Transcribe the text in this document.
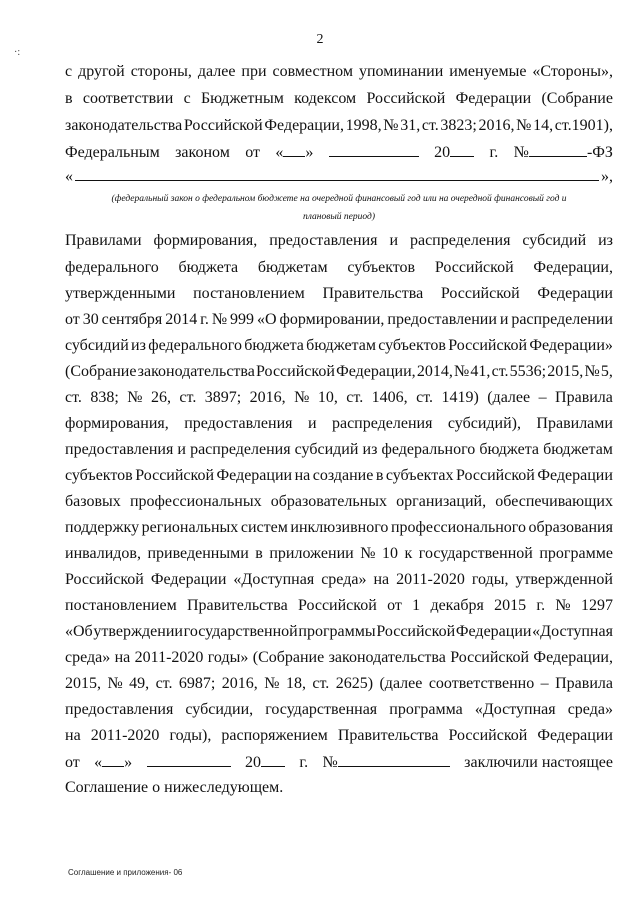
·:
2
с другой стороны, далее при совместном упоминании именуемые «Стороны»,
в соответствии с Бюджетным кодексом Российской Федерации (Собрание
законодательства Российской Федерации, 1998, № 31, ст. 3823; 2016, № 14, ст.1901),
Федеральным законом от « »	20	г. №	-ФЗ
«	»,
(федеральный закон о федеральном бюджете на очередной финансовый год или на очередной финансовый год и
плановый период)
Правилами формирования, предоставления и распределения субсидий из
федерального бюджета бюджетам субъектов Российской Федерации,
утвержденными постановлением Правительства Российской Федерации
от 30 сентября 2014 г. № 999 «О формировании, предоставлении и распределении
субсидий из федерального бюджета бюджетам субъектов Российской Федерации»
(Собрание законодательства Российской Федерации, 2014, № 41, ст. 5536; 2015, № 5,
ст. 838; № 26, ст. 3897; 2016, № 10, ст. 1406, ст. 1419) (далее – Правила
формирования, предоставления и распределения субсидий), Правилами
предоставления и распределения субсидий из федерального бюджета бюджетам
субъектов Российской Федерации на создание в субъектах Российской Федерации
базовых профессиональных образовательных организаций, обеспечивающих
поддержку региональных систем инклюзивного профессионального образования
инвалидов, приведенными в приложении № 10 к государственной программе
Российской Федерации «Доступная среда» на 2011-2020 годы, утвержденной
постановлением Правительства Российской от 1 декабря 2015 г. № 1297
«Об утверждении государственной программы Российской Федерации «Доступная
среда» на 2011-2020 годы» (Собрание законодательства Российской Федерации,
2015, № 49, ст. 6987; 2016, № 18, ст. 2625) (далее соответственно – Правила
предоставления субсидии, государственная программа «Доступная среда»
на 2011-2020 годы), распоряжением Правительства Российской Федерации
от « »	20	г. №	заключили настоящее
Соглашение о нижеследующем.
Соглашение и приложения- 06
